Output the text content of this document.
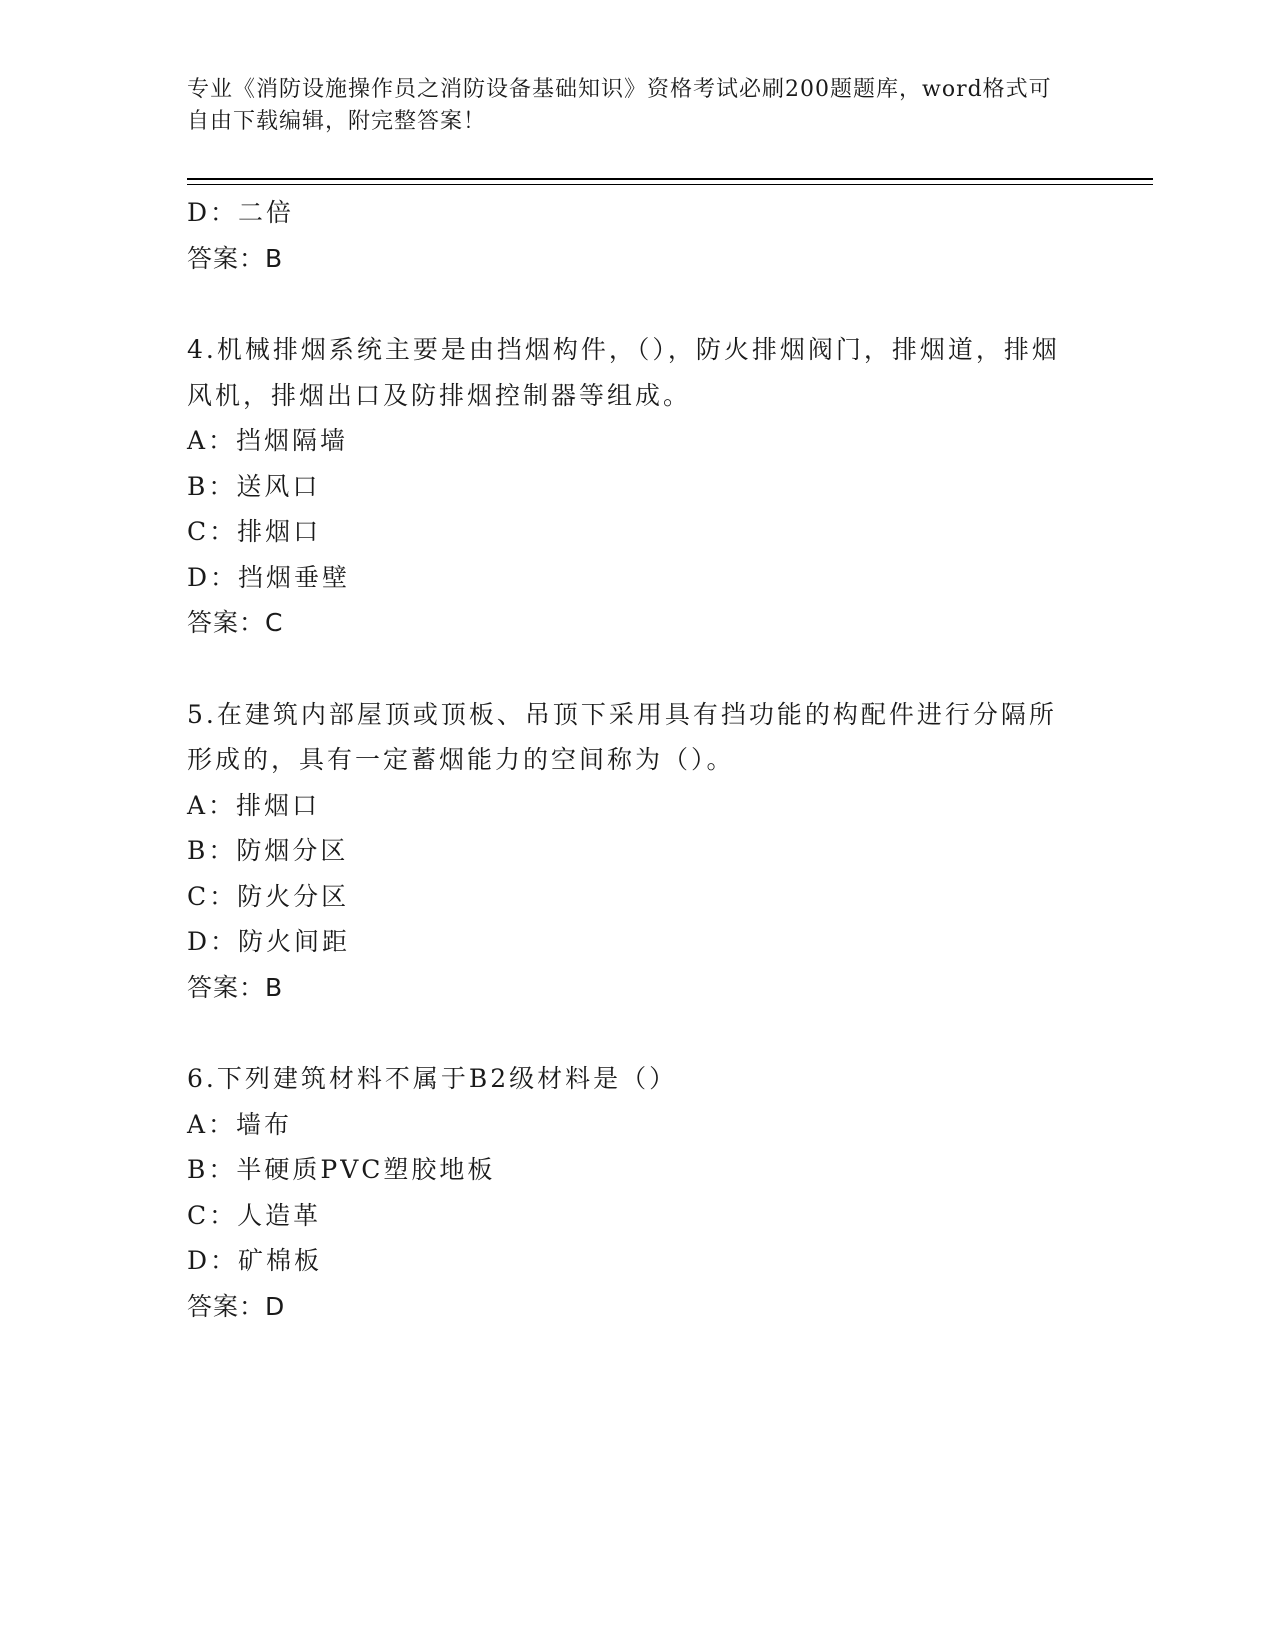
专业《消防设施操作员之消防设备基础知识》资格考试必刷200题题库，word格式可自由下载编辑，附完整答案！
D：二倍
答案：B
4.机械排烟系统主要是由挡烟构件，（），防火排烟阀门，排烟道，排烟风机，排烟出口及防排烟控制器等组成。
A：挡烟隔墙
B：送风口
C：排烟口
D：挡烟垂壁
答案：C
5.在建筑内部屋顶或顶板、吊顶下采用具有挡功能的构配件进行分隔所形成的，具有一定蓄烟能力的空间称为（）。
A：排烟口
B：防烟分区
C：防火分区
D：防火间距
答案：B
6.下列建筑材料不属于B2级材料是（）
A：墙布
B：半硬质PVC塑胶地板
C：人造革
D：矿棉板
答案：D
